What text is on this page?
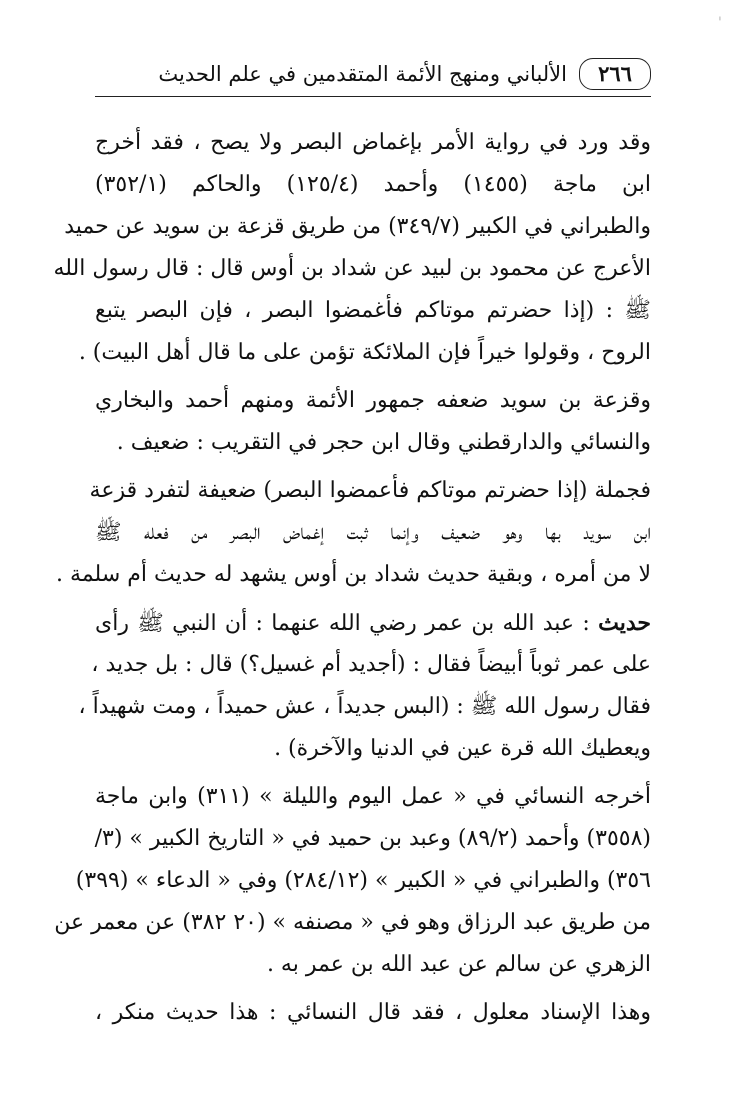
'
٢٦٦
الألباني ومنهج الأئمة المتقدمين في علم الحديث
وقد ورد في رواية الأمر بإغماض البصر ولا يصح ، فقد أخرج
ابن ماجة (١٤٥٥) وأحمد (١٢٥/٤) والحاكم (٣٥٢/١)
والطبراني في الكبير (٣٤٩/٧) من طريق قزعة بن سويد عن حميد
الأعرج عن محمود بن لبيد عن شداد بن أوس قال : قال رسول الله
ﷺ : (إذا حضرتم موتاكم فأغمضوا البصر ، فإن البصر يتبع
الروح ، وقولوا خيراً فإن الملائكة تؤمن على ما قال أهل البيت) .
وقزعة بن سويد ضعفه جمهور الأئمة ومنهم أحمد والبخاري
والنسائي والدارقطني وقال ابن حجر في التقريب : ضعيف .
فجملة (إذا حضرتم موتاكم فأعمضوا البصر) ضعيفة لتفرد قزعة
ابن سويد بها وهو ضعيف وإنما ثبت إغماض البصر من فعله ﷺ
لا من أمره ، وبقية حديث شداد بن أوس يشهد له حديث أم سلمة .
حديث : عبد الله بن عمر رضي الله عنهما : أن النبي ﷺ رأى
على عمر ثوباً أبيضاً فقال : (أجديد أم غسيل؟) قال : بل جديد ،
فقال رسول الله ﷺ : (البس جديداً ، عش حميداً ، ومت شهيداً ،
ويعطيك الله قرة عين في الدنيا والآخرة) .
أخرجه النسائي في « عمل اليوم والليلة » (٣١١) وابن ماجة
(٣٥٥٨) وأحمد (٨٩/٢) وعبد بن حميد في « التاريخ الكبير » (٣/
٣٥٦) والطبراني في « الكبير » (٢٨٤/١٢) وفي « الدعاء » (٣٩٩)
من طريق عبد الرزاق وهو في « مصنفه » (٢٠ ٣٨٢) عن معمر عن
الزهري عن سالم عن عبد الله بن عمر به .
وهذا الإسناد معلول ، فقد قال النسائي : هذا حديث منكر ،
